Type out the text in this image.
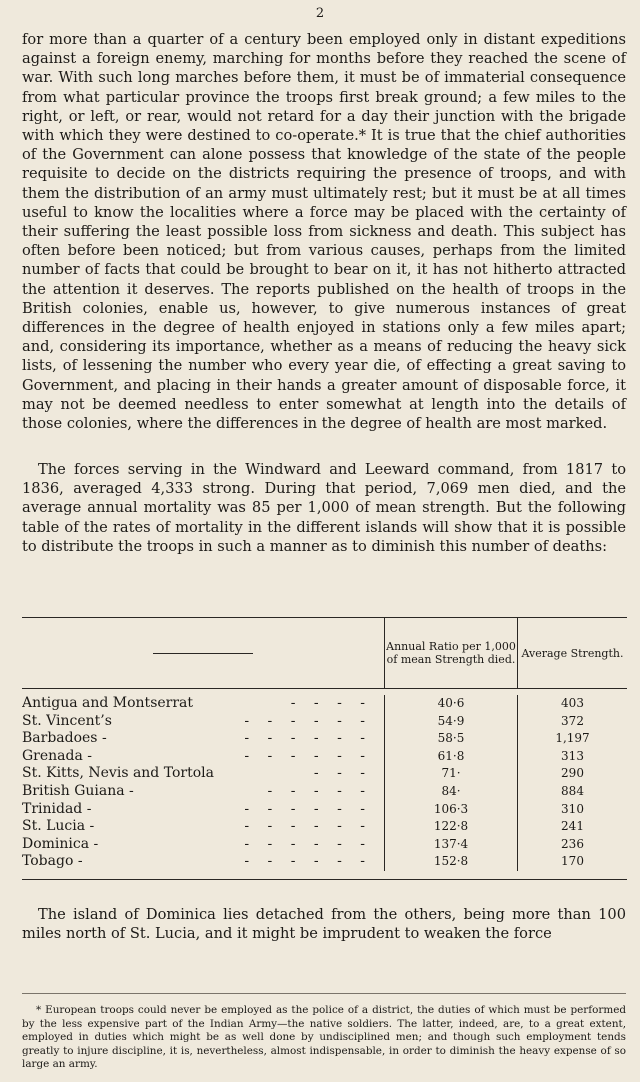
2

for more than a quarter of a century been employed only in distant expeditions against a foreign enemy, marching for months before they reached the scene of war. With such long marches before them, it must be of immaterial consequence from what particular province the troops first break ground; a few miles to the right, or left, or rear, would not retard for a day their junction with the brigade with which they were destined to co-operate.* It is true that the chief authorities of the Government can alone possess that knowledge of the state of the people requisite to decide on the districts requiring the presence of troops, and with them the distribution of an army must ultimately rest; but it must be at all times useful to know the localities where a force may be placed with the certainty of their suffering the least possible loss from sickness and death. This subject has often before been noticed; but from various causes, perhaps from the limited number of facts that could be brought to bear on it, it has not hitherto attracted the attention it deserves. The reports published on the health of troops in the British colonies, enable us, however, to give numerous instances of great differences in the degree of health enjoyed in stations only a few miles apart; and, considering its importance, whether as a means of reducing the heavy sick lists, of lessening the number who every year die, of effecting a great saving to Government, and placing in their hands a greater amount of disposable force, it may not be deemed needless to enter somewhat at length into the details of those colonies, where the differences in the degree of health are most marked.

The forces serving in the Windward and Leeward command, from 1817 to 1836, averaged 4,333 strong. During that period, 7,069 men died, and the average annual mortality was 85 per 1,000 of mean strength. But the following table of the rates of mortality in the different islands will show that it is possible to distribute the troops in such a manner as to diminish this number of deaths:

Annual Ratio per 1,000 of mean Strength died. Average Strength.
Antigua and Montserrat	- - - -	40·6	403
St. Vincent’s	- - - - - -	54·9	372
Barbadoes -	- - - - - -	58·5	1,197
Grenada -	- - - - - -	61·8	313
St. Kitts, Nevis and Tortola	- - -	71·	290
British Guiana -	- - - - -	84·	884
Trinidad -	- - - - - -	106·3	310
St. Lucia -	- - - - - -	122·8	241
Dominica -	- - - - - -	137·4	236
Tobago -	- - - - - -	152·8	170

The island of Dominica lies detached from the others, being more than 100 miles north of St. Lucia, and it might be imprudent to weaken the force

* European troops could never be employed as the police of a district, the duties of which must be performed by the less expensive part of the Indian Army—the native soldiers. The latter, indeed, are, to a great extent, employed in duties which might be as well done by undisciplined men; and though such employment tends greatly to injure discipline, it is, nevertheless, almost indispensable, in order to diminish the heavy expense of so large an army.
